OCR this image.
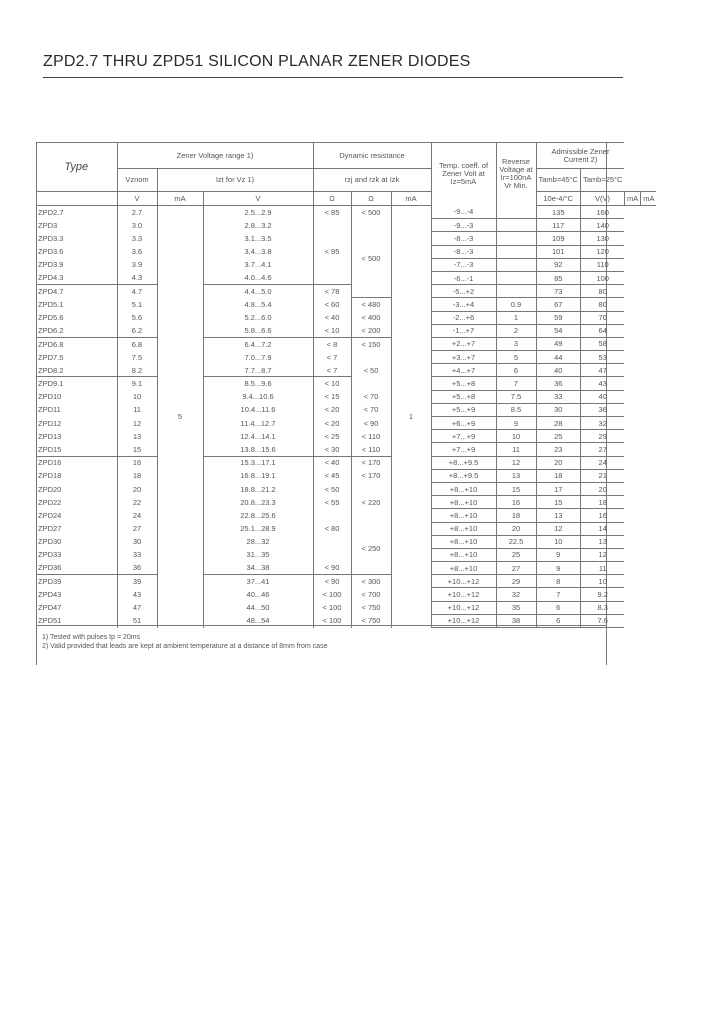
ZPD2.7 THRU ZPD51 SILICON PLANAR ZENER DIODES
Type	Zener Voltage range 1)			Dynamic resistance			Temp. coeff. of Zener Volt at Iz=5mA	Reverse Voltage at Ir=100nA Vr Min.	Admissible Zener Current 2)			
	Vznom	Izt for Vz 1)		rzj and rzk at Izk					Tamb=45°C	Tamb=25°C		
	V	mA	V	Ω	Ω	mA			10e-4/°C	V(V)	mA	mA
ZPD2.7	2.7	5	2.5...2.9	< 85	< 500	1	-9...-4		135	160		
ZPD3	3.0		2.8...3.2	< 95	< 500		-9...-3		117	140		
ZPD3.3	3.3		3.1...3.5				-8...-3		109	130		
ZPD3.6	3.6		3.4...3.8				-8...-3		101	120		
ZPD3.9	3.9		3.7...4.1				-7...-3		92	110		
ZPD4.3	4.3		4.0...4.6				-6...-1		85	100		
ZPD4.7	4.7		4.4...5.0	< 78			-5...+2		73	80		
ZPD5.1	5.1		4.8...5.4	< 60	< 480		-3...+4	0.9	67	80		
ZPD5.6	5.6		5.2...6.0	< 40	< 400		-2...+6	1	59	70		
ZPD6.2	6.2		5.8...6.6	< 10	< 200		-1...+7	2	54	64		
ZPD6.8	6.8		6.4...7.2	< 8	< 150		+2...+7	3	49	58		
ZPD7.5	7.5		7.0...7.9	< 7	< 50		+3...+7	5	44	53		
ZPD8.2	8.2		7.7...8.7	< 7			+4...+7	6	40	47		
ZPD9.1	9.1		8.5...9.6	< 10			+5...+8	7	36	43		
ZPD10	10		9.4...10.6	< 15	< 70		+5...+8	7.5	33	40		
ZPD11	11		10.4...11.6	< 20	< 70		+5...+9	8.5	30	36		
ZPD12	12		11.4...12.7	< 20	< 90		+6...+9	9	28	32		
ZPD13	13		12.4...14.1	< 25	< 110		+7...+9	10	25	29		
ZPD15	15		13.8...15.6	< 30	< 110		+7...+9	11	23	27		
ZPD16	16		15.3...17.1	< 40	< 170		+8...+9.5	12	20	24		
ZPD18	18		16.8...19.1	< 45	< 170		+8...+9.5	13	18	21		
ZPD20	20		18.8...21.2	< 50	< 220		+8...+10	15	17	20		
ZPD22	22		20.8...23.3	< 55			+8...+10	16	15	18		
ZPD24	24		22.8...25.6				+8...+10	18	13	16		
ZPD27	27		25.1...28.9	< 80	< 250		+8...+10	20	12	14		
ZPD30	30		28...32				+8...+10	22.5	10	13		
ZPD33	33		31...35				+8...+10	25	9	12		
ZPD36	36		34...38	< 90			+8...+10	27	9	11		
ZPD39	39		37...41	< 90	< 300		+10...+12	29	8	10		
ZPD43	43		40...46	< 100	< 700		+10...+12	32	7	9.2		
ZPD47	47		44...50	< 100	< 750		+10...+12	35	6	8.3		
ZPD51	51		48...54	< 100	< 750		+10...+12	38	6	7.6		
1) Tested with pulses tp = 20ms
2) Valid provided that leads are kept at ambient temperature at a distance of 8mm from case
